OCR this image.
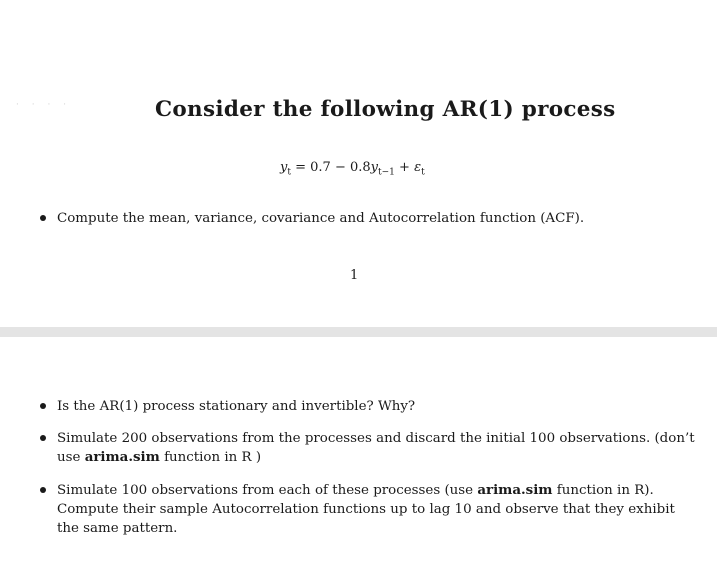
· · · ·	Consider the following AR(1) process
$y_t = 0.7 - 0.8y_{t-1} + \varepsilon_t$
Compute the mean, variance, covariance and Autocorrelation function (ACF).
1
Is the AR(1) process stationary and invertible? Why?
Simulate 200 observations from the processes and discard the initial 100 observations. (don’t use arima.sim function in R )
Simulate 100 observations from each of these processes (use arima.sim function in R). Compute their sample Autocorrelation functions up to lag 10 and observe that they exhibit the same pattern.
